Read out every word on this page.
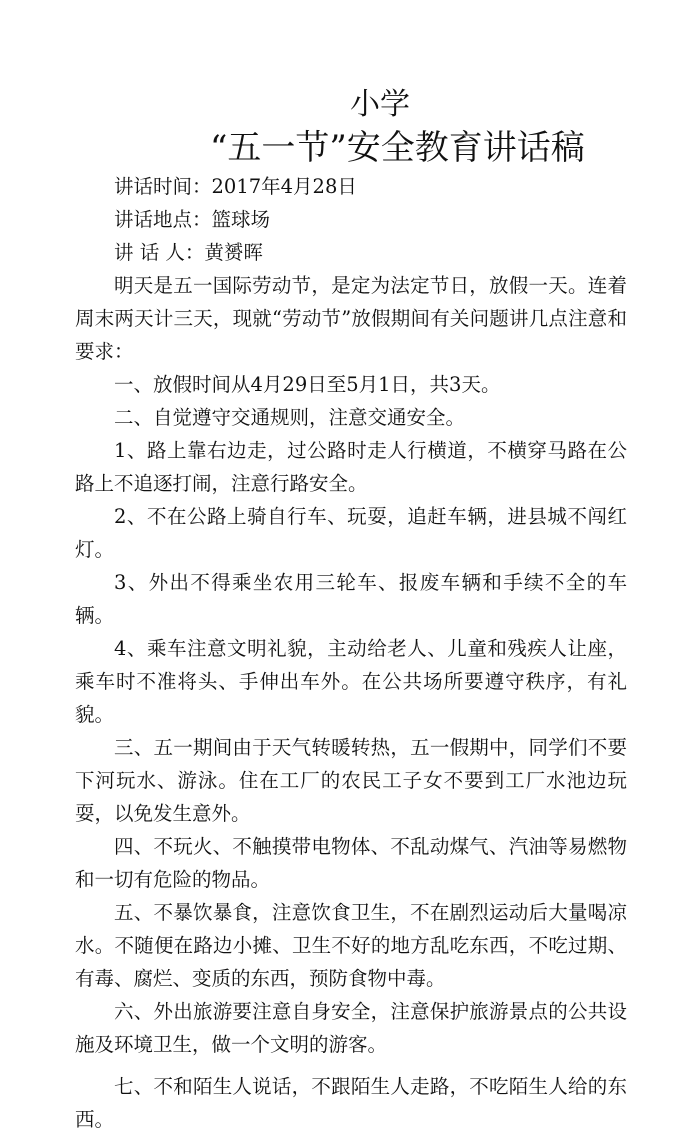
小学
“五一节”安全教育讲话稿

讲话时间：2017年4月28日

讲话地点：篮球场

讲 话 人：黄赟晖

明天是五一国际劳动节，是定为法定节日，放假一天。连着周末两天计三天，现就“劳动节”放假期间有关问题讲几点注意和要求：

一、放假时间从4月29日至5月1日，共3天。

二、自觉遵守交通规则，注意交通安全。

1、路上靠右边走，过公路时走人行横道，不横穿马路在公路上不追逐打闹，注意行路安全。

2、不在公路上骑自行车、玩耍，追赶车辆，进县城不闯红灯。

3、外出不得乘坐农用三轮车、报废车辆和手续不全的车辆。

4、乘车注意文明礼貌，主动给老人、儿童和残疾人让座，乘车时不准将头、手伸出车外。在公共场所要遵守秩序，有礼貌。

三、五一期间由于天气转暖转热，五一假期中，同学们不要下河玩水、游泳。住在工厂的农民工子女不要到工厂水池边玩耍，以免发生意外。

四、不玩火、不触摸带电物体、不乱动煤气、汽油等易燃物和一切有危险的物品。

五、不暴饮暴食，注意饮食卫生，不在剧烈运动后大量喝凉水。不随便在路边小摊、卫生不好的地方乱吃东西，不吃过期、有毒、腐烂、变质的东西，预防食物中毒。

六、外出旅游要注意自身安全，注意保护旅游景点的公共设施及环境卫生，做一个文明的游客。

七、不和陌生人说话，不跟陌生人走路，不吃陌生人给的东西。
